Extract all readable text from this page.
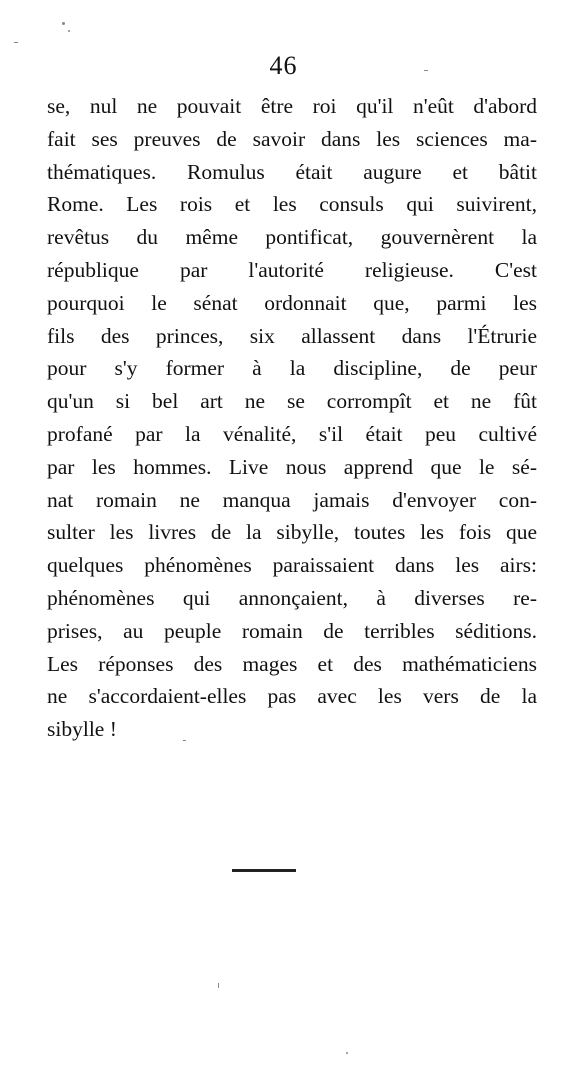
46
se, nul ne pouvait être roi qu'il n'eût d'abord
fait ses preuves de savoir dans les sciences ma-
thématiques. Romulus était augure et bâtit
Rome. Les rois et les consuls qui suivirent,
revêtus du même pontificat, gouvernèrent la
république par l'autorité religieuse. C'est
pourquoi le sénat ordonnait que, parmi les
fils des princes, six allassent dans l'Étrurie
pour s'y former à la discipline, de peur
qu'un si bel art ne se corrompît et ne fût
profané par la vénalité, s'il était peu cultivé
par les hommes. Live nous apprend que le sé-
nat romain ne manqua jamais d'envoyer con-
sulter les livres de la sibylle, toutes les fois que
quelques phénomènes paraissaient dans les airs:
phénomènes qui annonçaient, à diverses re-
prises, au peuple romain de terribles séditions.
Les réponses des mages et des mathématiciens
ne s'accordaient-elles pas avec les vers de la
sibylle !
